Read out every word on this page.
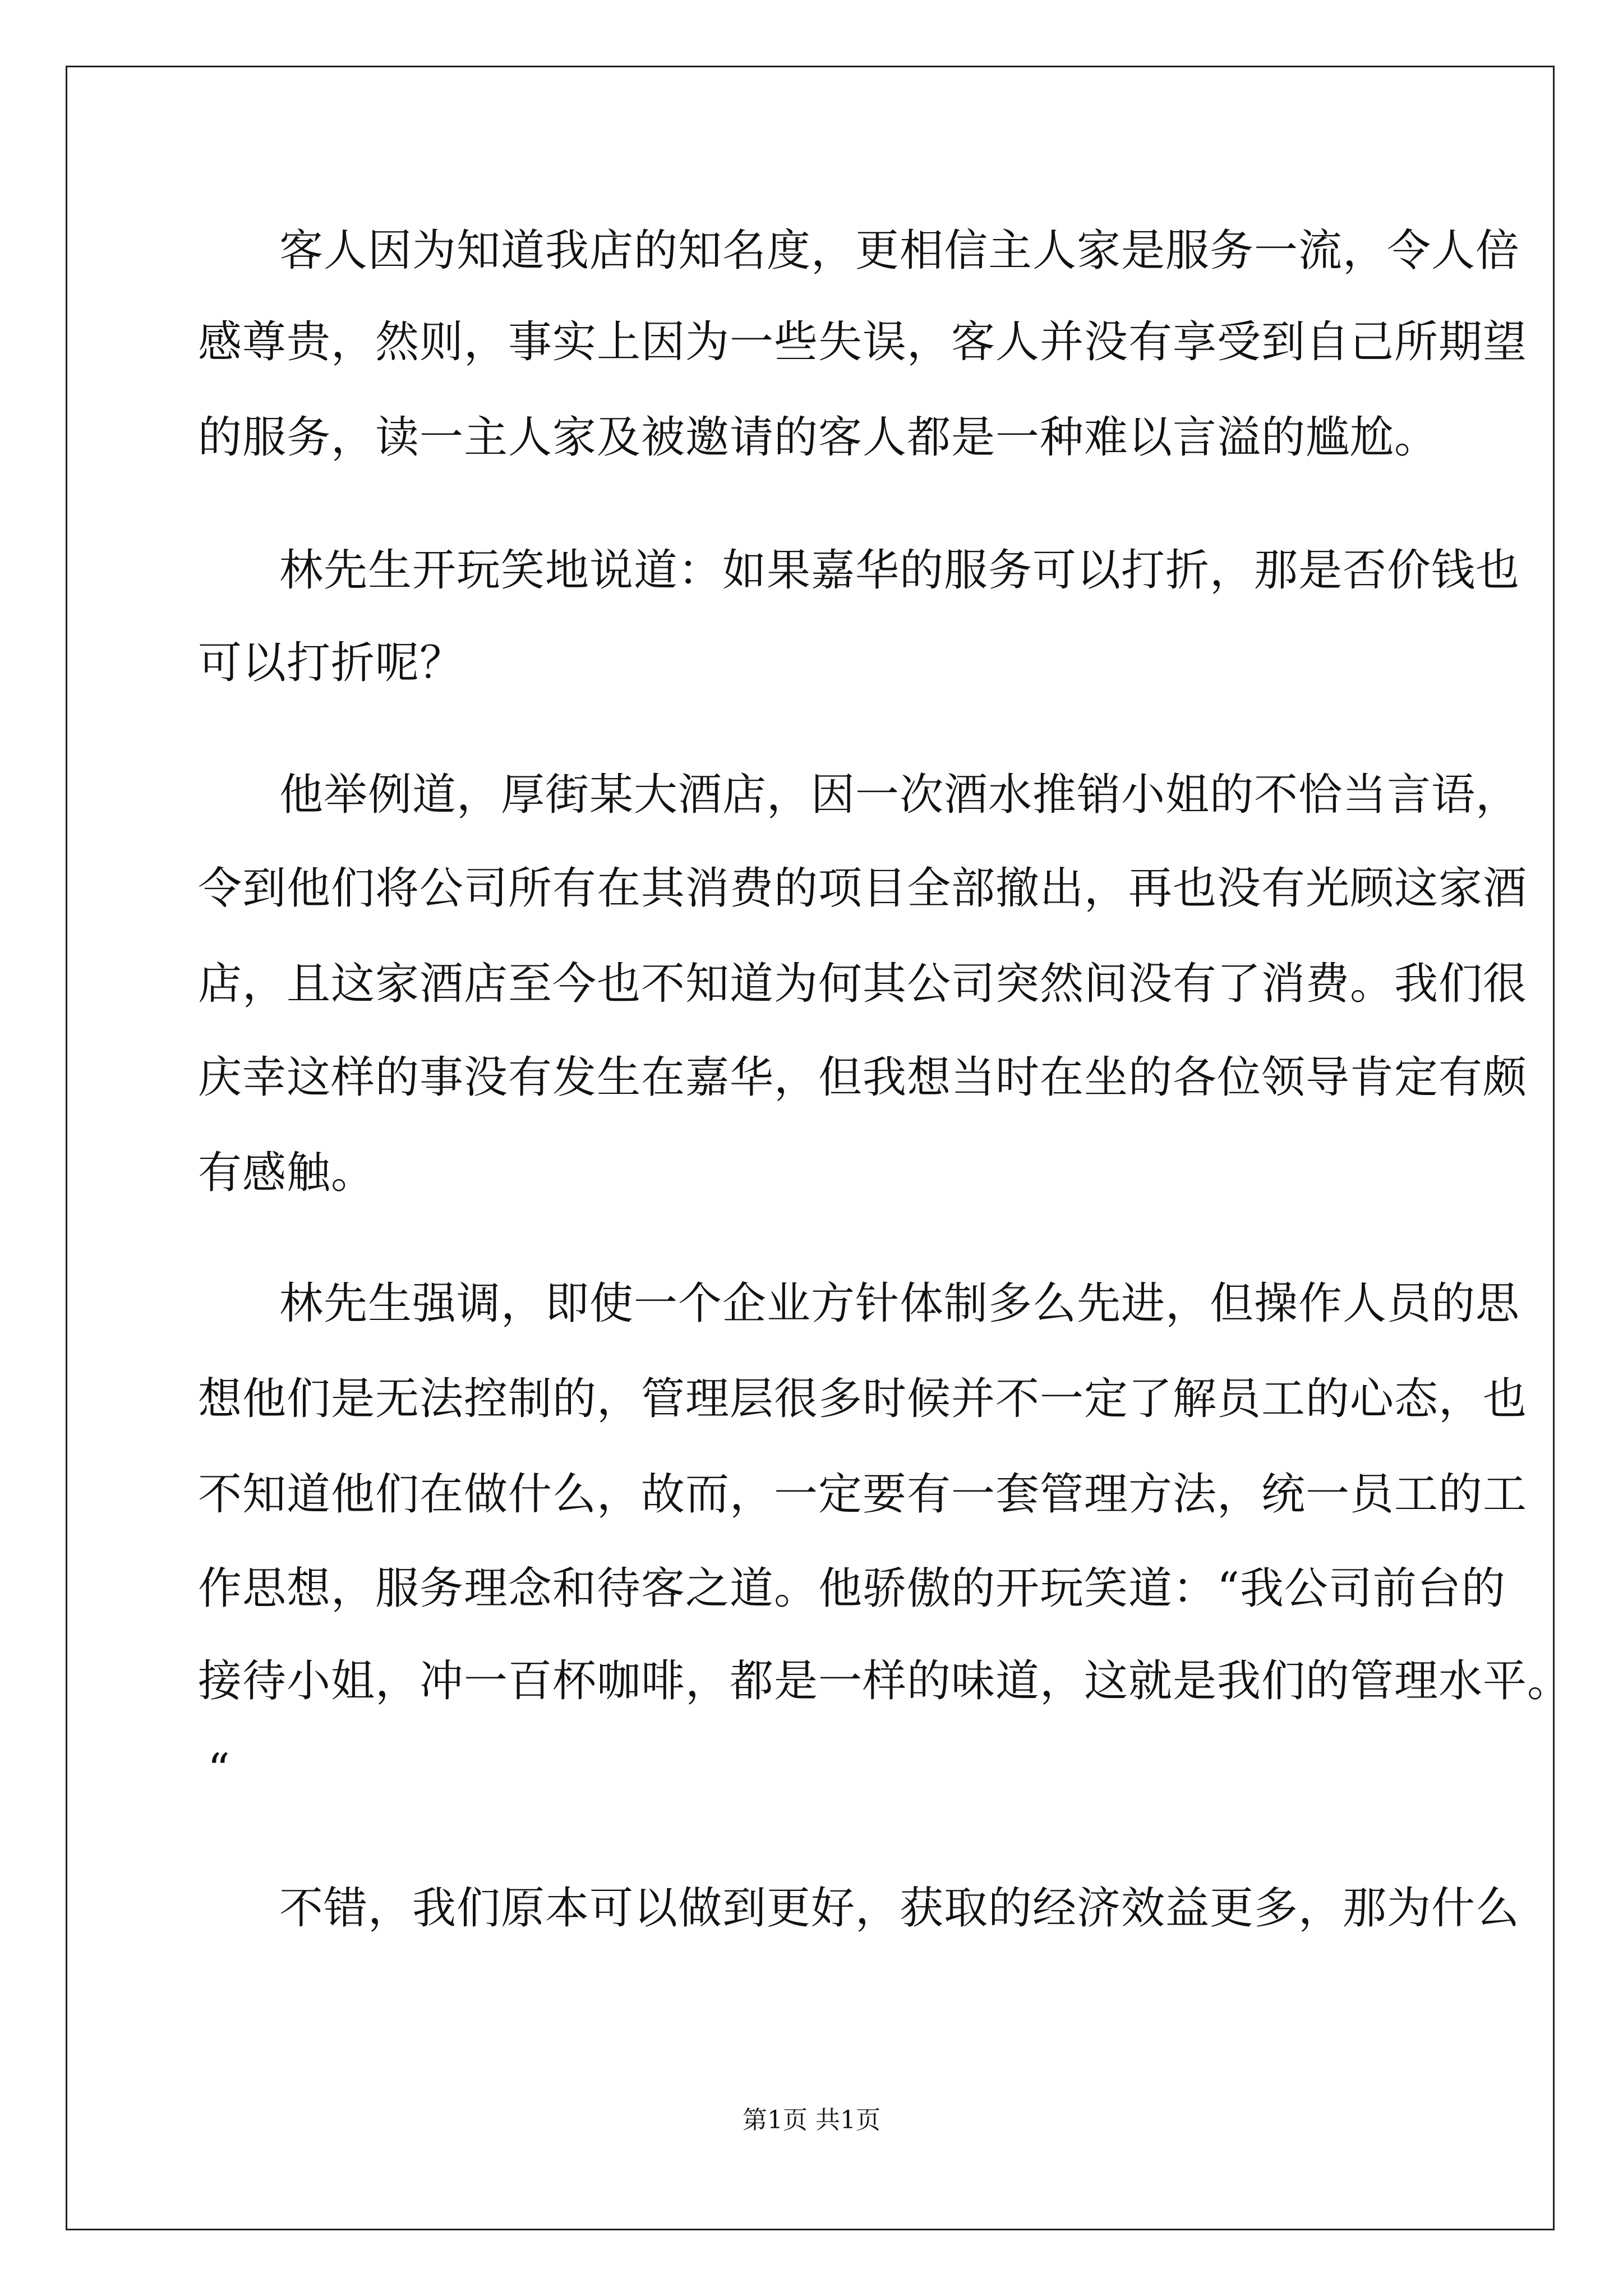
客人因为知道我店的知名度，更相信主人家是服务一流，令人倍
感尊贵，然则，事实上因为一些失误，客人并没有享受到自己所期望
的服务，读一主人家及被邀请的客人都是一种难以言溢的尴尬。
林先生开玩笑地说道：如果嘉华的服务可以打折，那是否价钱也
可以打折呢？
他举例道，厚街某大酒店，因一次酒水推销小姐的不恰当言语，
令到他们将公司所有在其消费的项目全部撤出，再也没有光顾这家酒
店，且这家酒店至今也不知道为何其公司突然间没有了消费。我们很
庆幸这样的事没有发生在嘉华，但我想当时在坐的各位领导肯定有颇
有感触。
林先生强调，即使一个企业方针体制多么先进，但操作人员的思
想他们是无法控制的，管理层很多时候并不一定了解员工的心态，也
不知道他们在做什么，故而，一定要有一套管理方法，统一员工的工
作思想，服务理念和待客之道。他骄傲的开玩笑道：“我公司前台的
接待小姐，冲一百杯咖啡，都是一样的味道，这就是我们的管理水平。
“
不错，我们原本可以做到更好，获取的经济效益更多，那为什么
第1页 共1页
